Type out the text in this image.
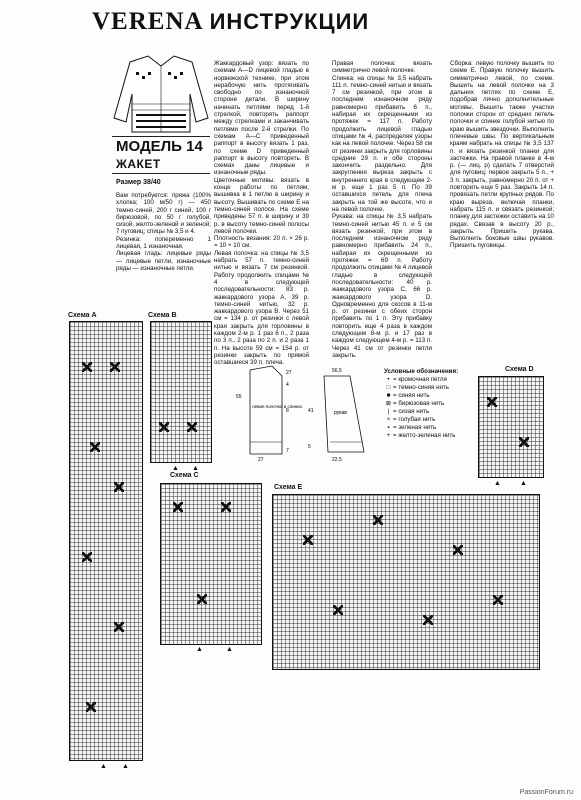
VERENA ИНСТРУКЦИИ
МОДЕЛЬ 14
ЖАКЕТ
Размер 38/40
Вам потребуется: пряжа (100% хлопка; 100 м/50 г) — 450 темно-синей, 200 г синей, 100 г бирюзовой, по 50 г голубой, сизой, желто-зеленой и зеленой; 7 пуговиц; спицы № 3,5 и 4.
Резинка: попеременно 1 лицевая, 1 изнаночная.
Лицевая гладь: лицевые ряды — лицевые петли, изнаночные ряды — изнаночные петли.
Жаккардовый узор: вязать по схемам А—D лицевой гладью в норвежской технике, при этом нерабочую нить протягивать свободно по изнаночной стороне детали. В ширину начинать петлями перед 1-й стрелкой, повторять раппорт между стрелками и заканчивать петлями после 2-й стрелки. По схемам А—С приведенный раппорт в высоту вязать 1 раз, по схеме D приведенный раппорт в высоту повторять. В схемах даны лицевые и изнаночные ряды.
Цветочные мотивы: вязать в конце работы по петлям, вышивка в 1 петлю в ширину и высоту. Вышивать по схеме Е на темно-синей полосе. На схеме приведены 57 п. в ширину и 39 р. в высоту темно-синей полосы левой полочки.
Плотность вязания: 20 п. × 26 р. = 10 × 10 см.
Левая полочка: на спицы № 3,5 набрать 57 п. темно-синей нитью и вязать 7 см резинкой. Работу продолжить спицами № 4 в следующей последовательности: 83 р. жаккардового узора А, 39 р. темно-синей нитью, 32 р. жаккардового узора В. Через 51 см = 134 р. от резинки с левой края закрыть для горловины в каждом 2-м р. 1 раз 6 п., 2 раза по 3 п., 2 раза по 2 п. и 2 раза 1 п. На высоте 59 см = 154 р. от резинки закрыть по прямой оставшиеся 39 п. плеча.
Правая полочка: вязать симметрично левой полочке.
Спинка: на спицы № 3,5 набрать 111 п. темно-синей нитью и вязать 7 см резинкой, при этом в последнем изнаночном ряду равномерно прибавить 6 п., набирая их скрещенными из протяжек = 117 п. Работу продолжить лицевой гладью спицами № 4, распределяя узоры как на левой полочке. Через 58 см от резинки закрыть для горловины средние 29 п. и обе стороны закончить раздельно. Для закругления выреза закрыть с внутреннего края в следующем 2-м р. еще 1 раз 5 п. По 39 оставшихся петель для плеча закрыть на той же высоте, что и на левой полочке.
Рукава: на спицы № 3,5 набрать темно-синей нитью 45 п. и 5 см вязать резинкой, при этом в последнем изнаночном ряду равномерно прибавить 24 п., набирая их скрещенными из протяжек = 69 п. Работу продолжить спицами № 4 лицевой гладью в следующей последовательности: 40 р. жаккардового узора С, 66 р. жаккардового узора D. Одновременно для скосов в 11-м р. от резинки с обеих сторон прибавить по 1 п. Эту прибавку повторить еще 4 раза в каждом следующем 8-м р. и 17 раз в каждом следующем 4-м р. = 113 п. Через 41 см от резинки петли закрыть.
Сборка: левую полочку вышить по схеме Е. Правую полочку вышить симметрично левой, по схеме. Вышить на левой полочке на 3 дальних петлях по схеме Е, подобрав лично дополнительные мотивы. Вышить также участки полочки сторон от средних петель полочки и спинке голубой нитью по краю вышить звездочки. Выполнить плечевые швы. По вертикальным краям набрать на спицы № 3,5 137 п. и вязать резинкой планки для застежки. На правой планке в 4-м р. (— лиц. р) сделать 7 отверстий для пуговиц: первое закрыть 5 п., + 3 п. закрыть, равномерно 20 п. от + повторить еще 5 раз. Закрыть 14 п. провязать петли крупных рядов. По краю выреза, включая планки, набрать 115 п. и связать резинкой; планку для застежки оставить на 10 рядах. Связав в высоту 20 р., закрыть. Пришить рукава. Выполнить боковые швы рукавов. Пришить пуговицы.
Схема А
▲ ▲
Схема В
▲ ▲
Схема С
▲	▲
27
4
55
7
27
8
левая полочка и спинка
41
5
22,5
56,5
рукав
Условные обозначения:
• = кромочная петля
□ = темно-синяя нить
■ = синяя нить
⊠ = бирюзовая нить
| = сизая нить
× = голубая нить
▪ = зеленая нить
+ = желто-зеленая нить
Схема D
▲	▲
Схема Е
PassionForum.ru
